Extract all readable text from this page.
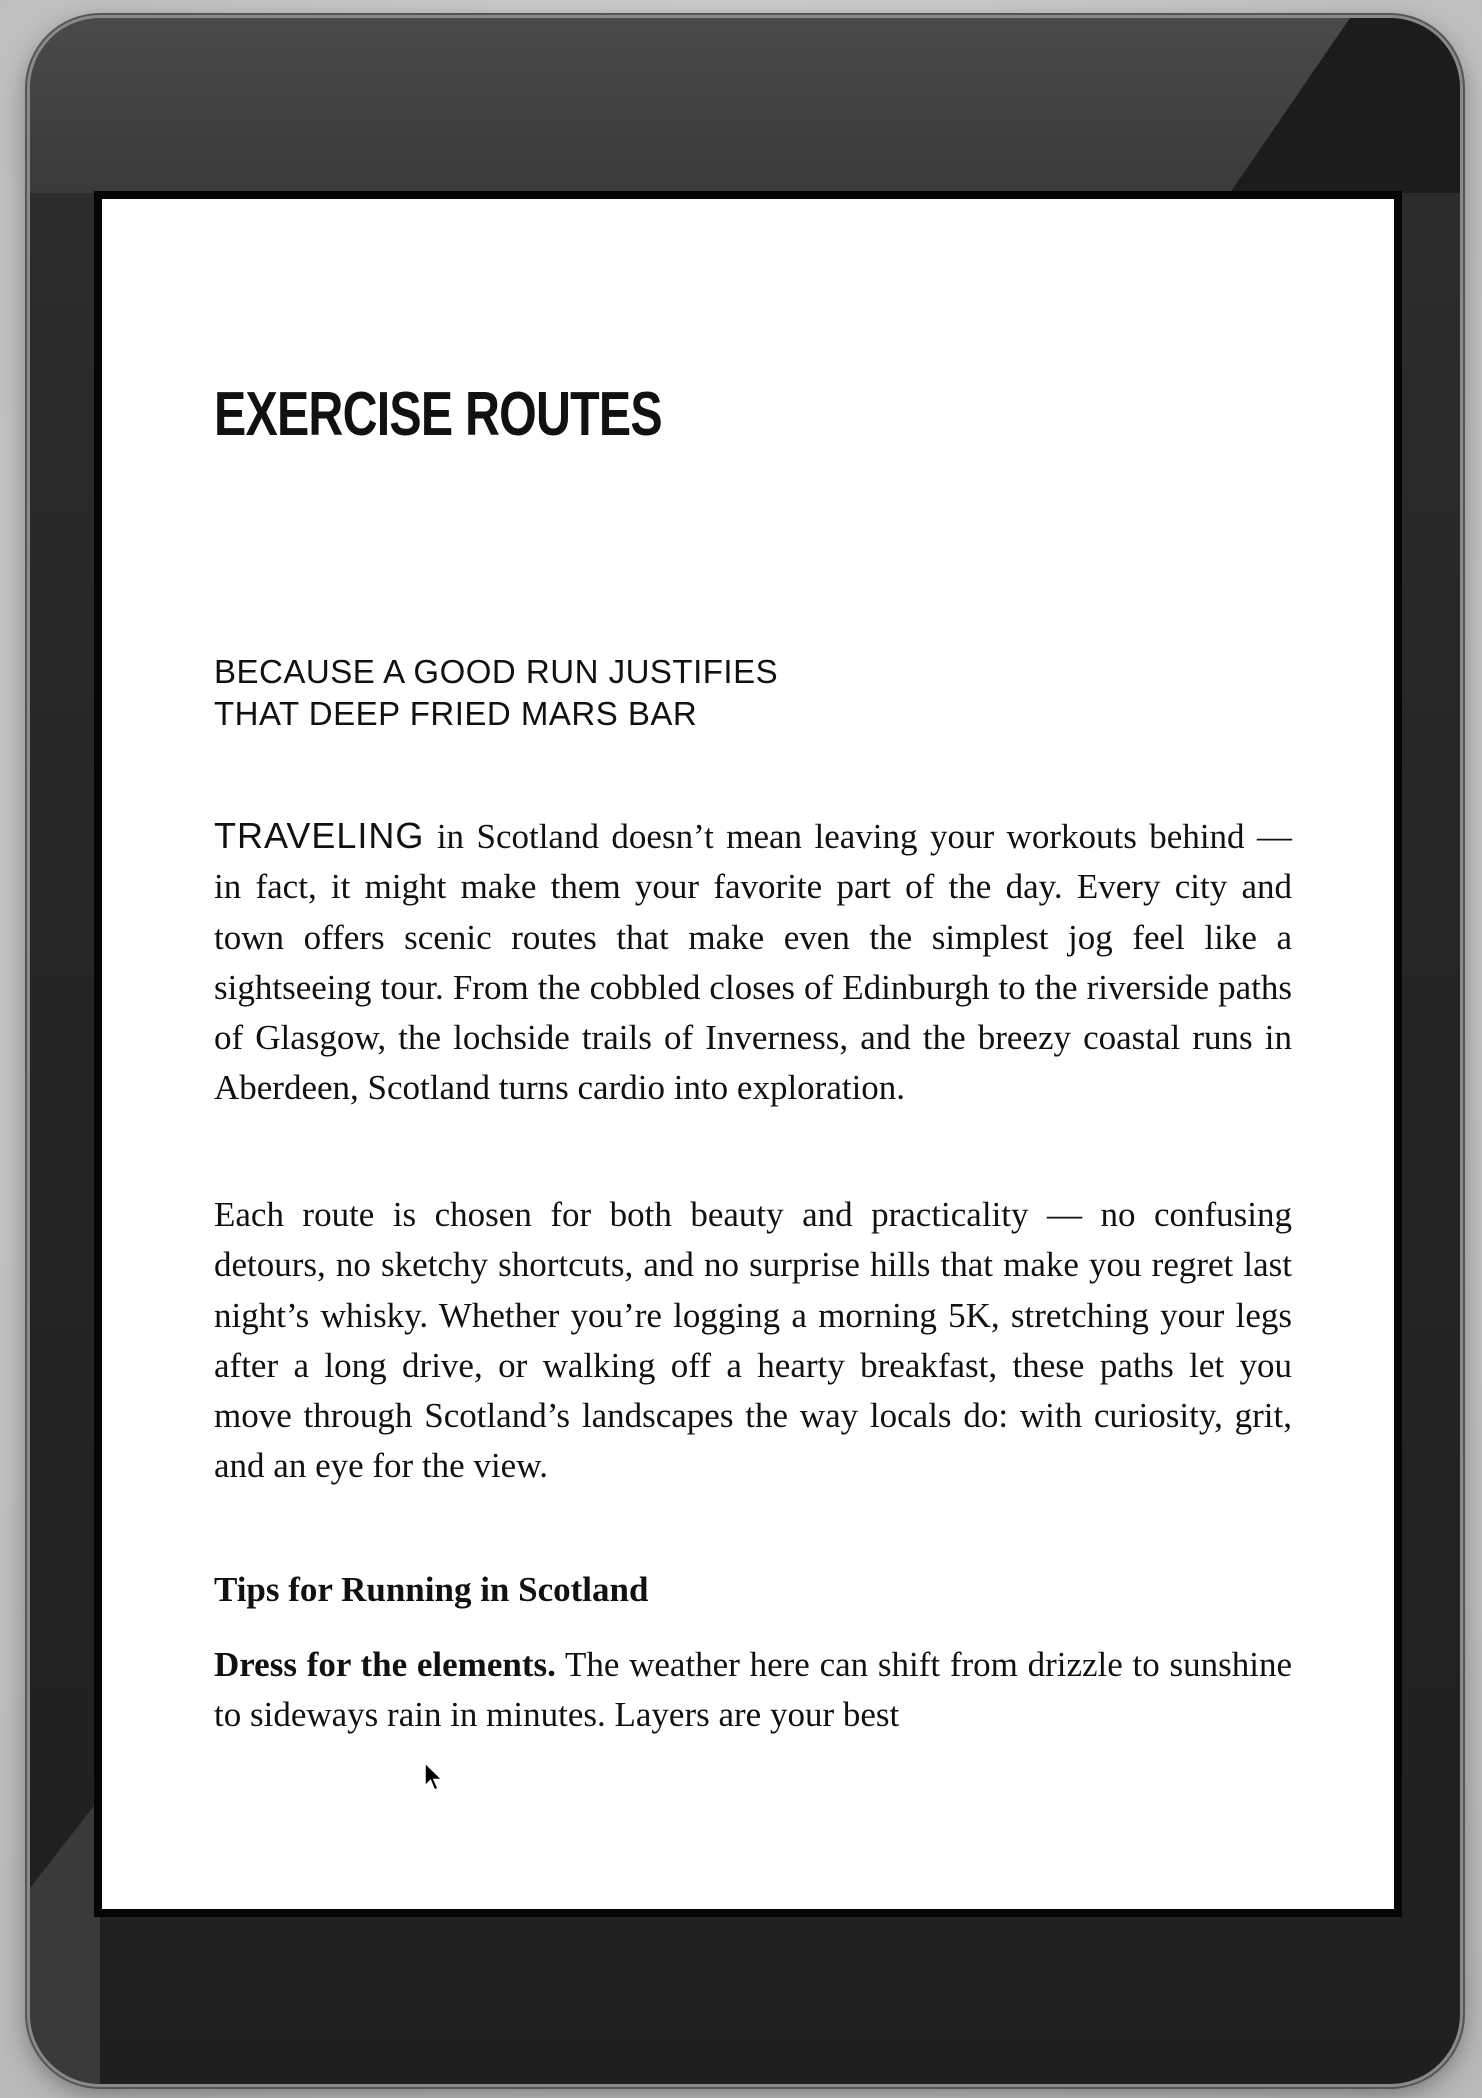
EXERCISE ROUTES
BECAUSE A GOOD RUN JUSTIFIES
THAT DEEP FRIED MARS BAR
TRAVELING in Scotland doesn’t mean leaving your workouts behind — in fact, it might make them your favorite part of the day. Every city and town offers scenic routes that make even the simplest jog feel like a sightseeing tour. From the cobbled closes of Edinburgh to the riverside paths of Glasgow, the lochside trails of Inverness, and the breezy coastal runs in Aberdeen, Scotland turns cardio into exploration.
Each route is chosen for both beauty and practicality — no confusing detours, no sketchy shortcuts, and no surprise hills that make you regret last night’s whisky. Whether you’re logging a morning 5K, stretching your legs after a long drive, or walking off a hearty breakfast, these paths let you move through Scotland’s landscapes the way locals do: with curiosity, grit, and an eye for the view.
Tips for Running in Scotland
Dress for the elements. The weather here can shift from drizzle to sunshine to sideways rain in minutes. Layers are your best
